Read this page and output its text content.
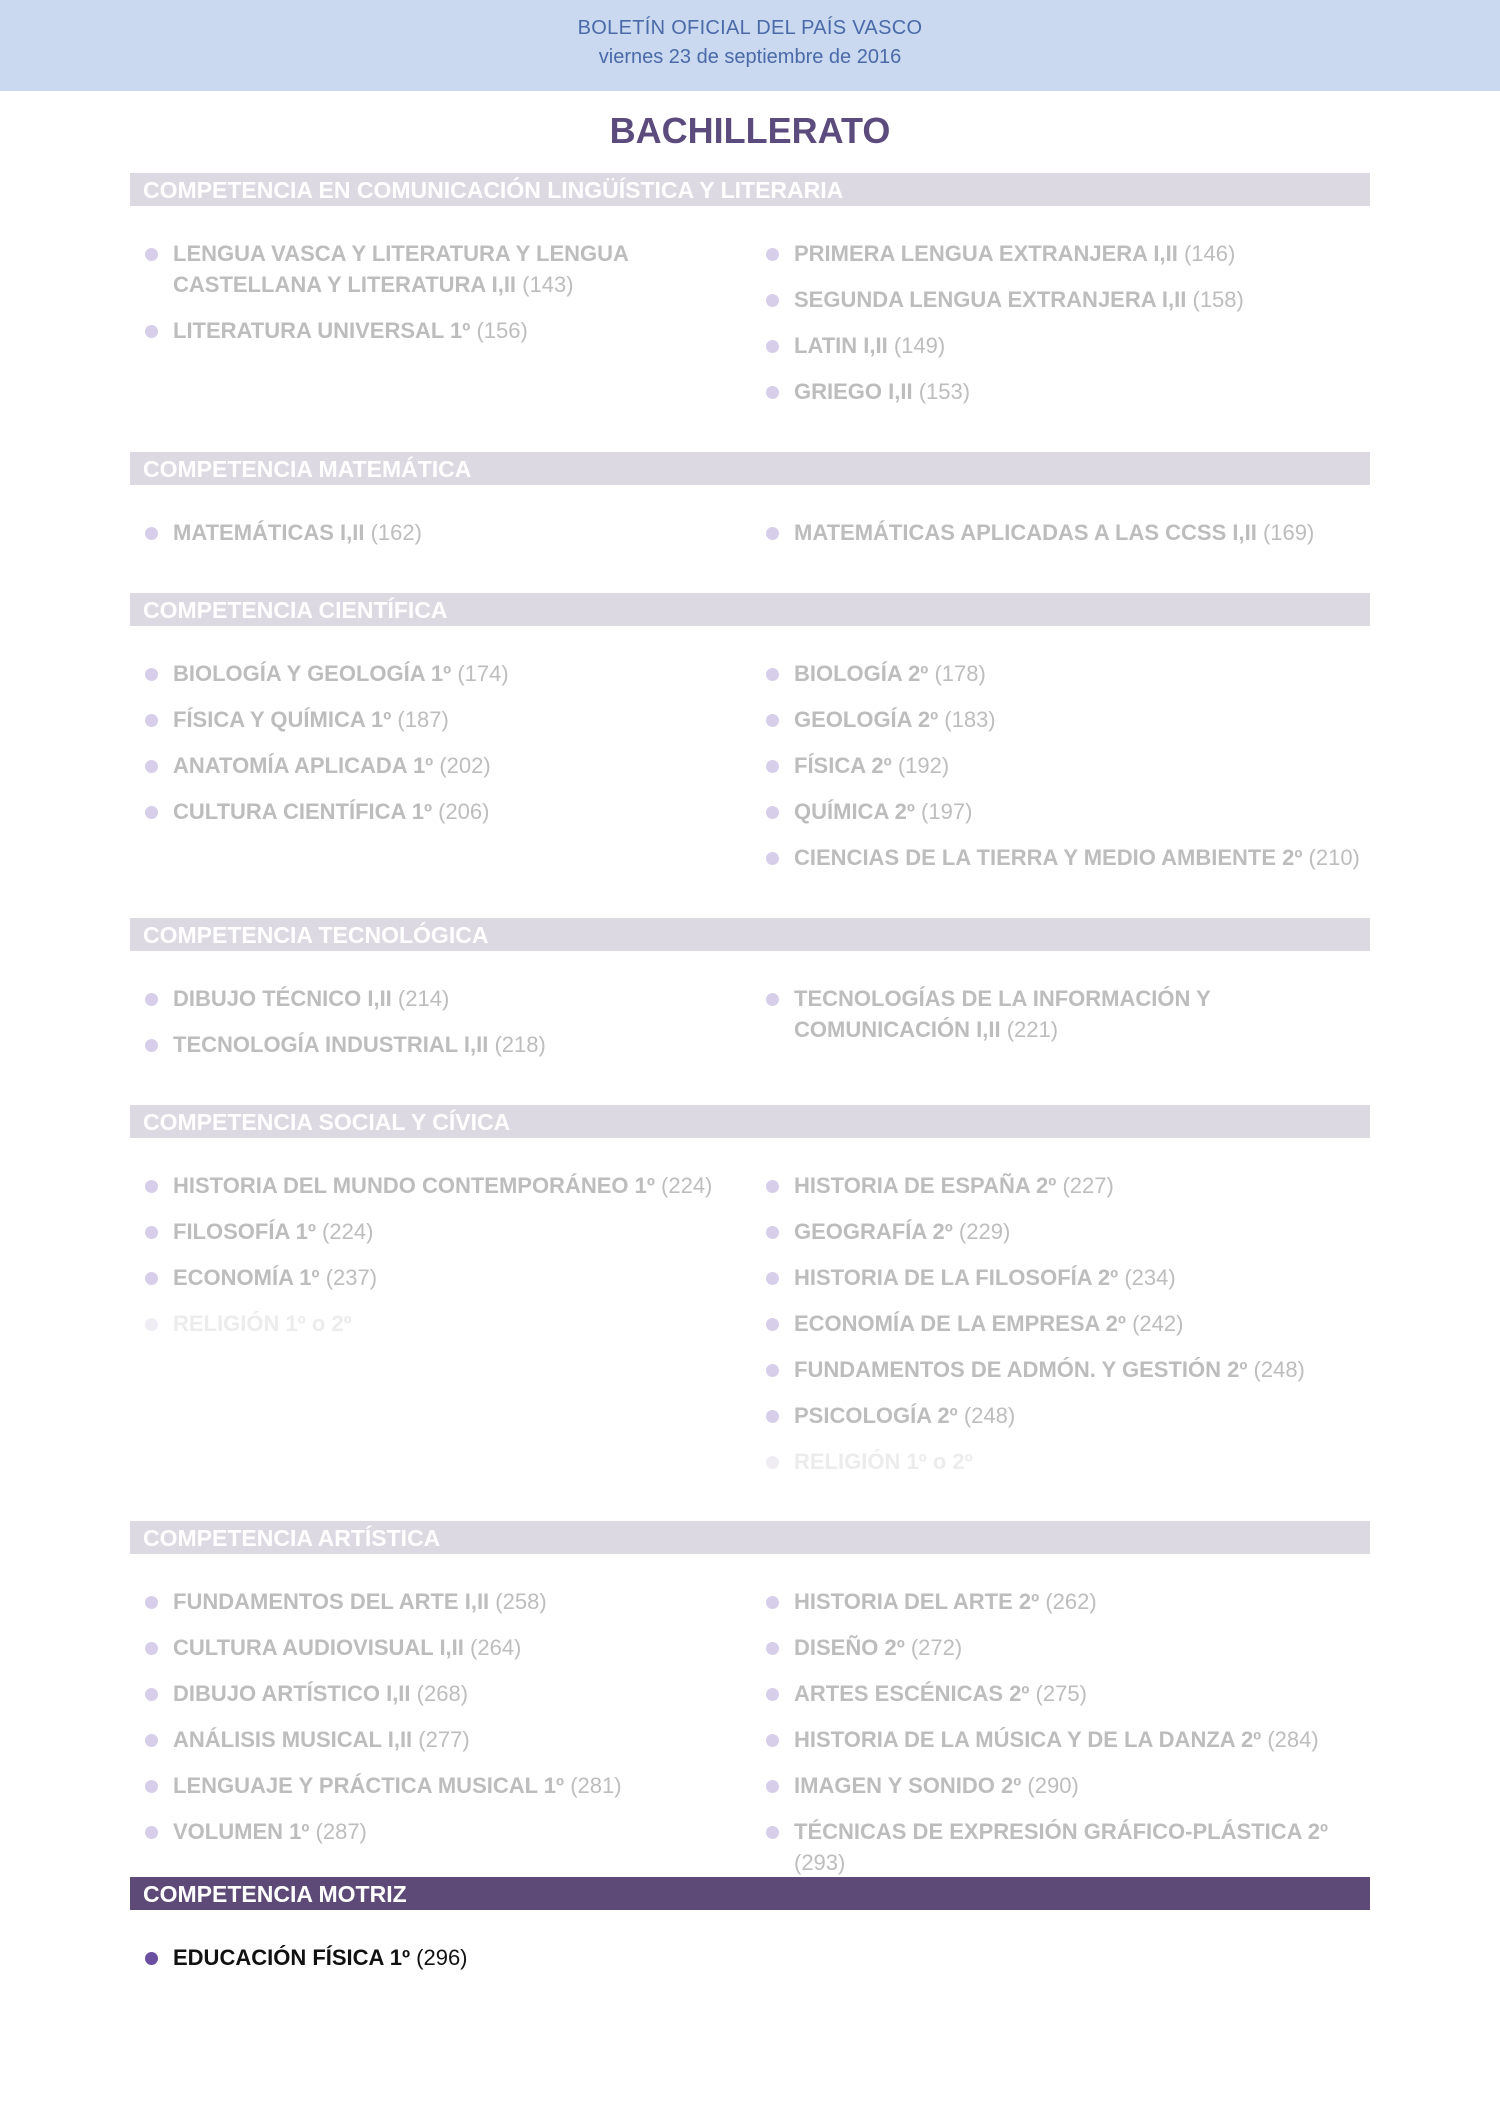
BOLETÍN OFICIAL DEL PAÍS VASCO
viernes 23 de septiembre de 2016
BACHILLERATO
COMPETENCIA EN COMUNICACIÓN LINGÜÍSTICA Y LITERARIA
LENGUA VASCA Y LITERATURA Y LENGUA CASTELLANA Y LITERATURA I,II (143)
LITERATURA UNIVERSAL 1º (156)
PRIMERA LENGUA EXTRANJERA I,II (146)
SEGUNDA LENGUA EXTRANJERA I,II (158)
LATIN I,II (149)
GRIEGO I,II (153)
COMPETENCIA MATEMÁTICA
MATEMÁTICAS I,II (162)	MATEMÁTICAS APLICADAS A LAS CCSS I,II (169)
COMPETENCIA CIENTÍFICA
BIOLOGÍA Y GEOLOGÍA 1º (174)
FÍSICA Y QUÍMICA 1º (187)
ANATOMÍA APLICADA 1º (202)
CULTURA CIENTÍFICA 1º (206)
BIOLOGÍA 2º (178)
GEOLOGÍA 2º (183)
FÍSICA 2º (192)
QUÍMICA 2º (197)
CIENCIAS DE LA TIERRA Y MEDIO AMBIENTE 2º (210)
COMPETENCIA TECNOLÓGICA
DIBUJO TÉCNICO I,II (214)
TECNOLOGÍA INDUSTRIAL I,II (218)
TECNOLOGÍAS DE LA INFORMACIÓN Y COMUNICACIÓN I,II (221)
COMPETENCIA SOCIAL Y CÍVICA
HISTORIA DEL MUNDO CONTEMPORÁNEO 1º (224)
FILOSOFÍA 1º (224)
ECONOMÍA 1º (237)
RELIGIÓN 1º o 2º
HISTORIA DE ESPAÑA 2º (227)
GEOGRAFÍA 2º (229)
HISTORIA DE LA FILOSOFÍA 2º (234)
ECONOMÍA DE LA EMPRESA 2º (242)
FUNDAMENTOS DE ADMÓN. Y GESTIÓN 2º (248)
PSICOLOGÍA 2º (248)
RELIGIÓN 1º o 2º
COMPETENCIA ARTÍSTICA
FUNDAMENTOS DEL ARTE I,II (258)
CULTURA AUDIOVISUAL I,II (264)
DIBUJO ARTÍSTICO I,II (268)
ANÁLISIS MUSICAL I,II (277)
LENGUAJE Y PRÁCTICA MUSICAL 1º (281)
VOLUMEN 1º (287)
HISTORIA DEL ARTE 2º (262)
DISEÑO 2º (272)
ARTES ESCÉNICAS 2º (275)
HISTORIA DE LA MÚSICA Y DE LA DANZA 2º (284)
IMAGEN Y SONIDO 2º (290)
TÉCNICAS DE EXPRESIÓN GRÁFICO-PLÁSTICA 2º (293)
COMPETENCIA MOTRIZ
EDUCACIÓN FÍSICA 1º (296)
